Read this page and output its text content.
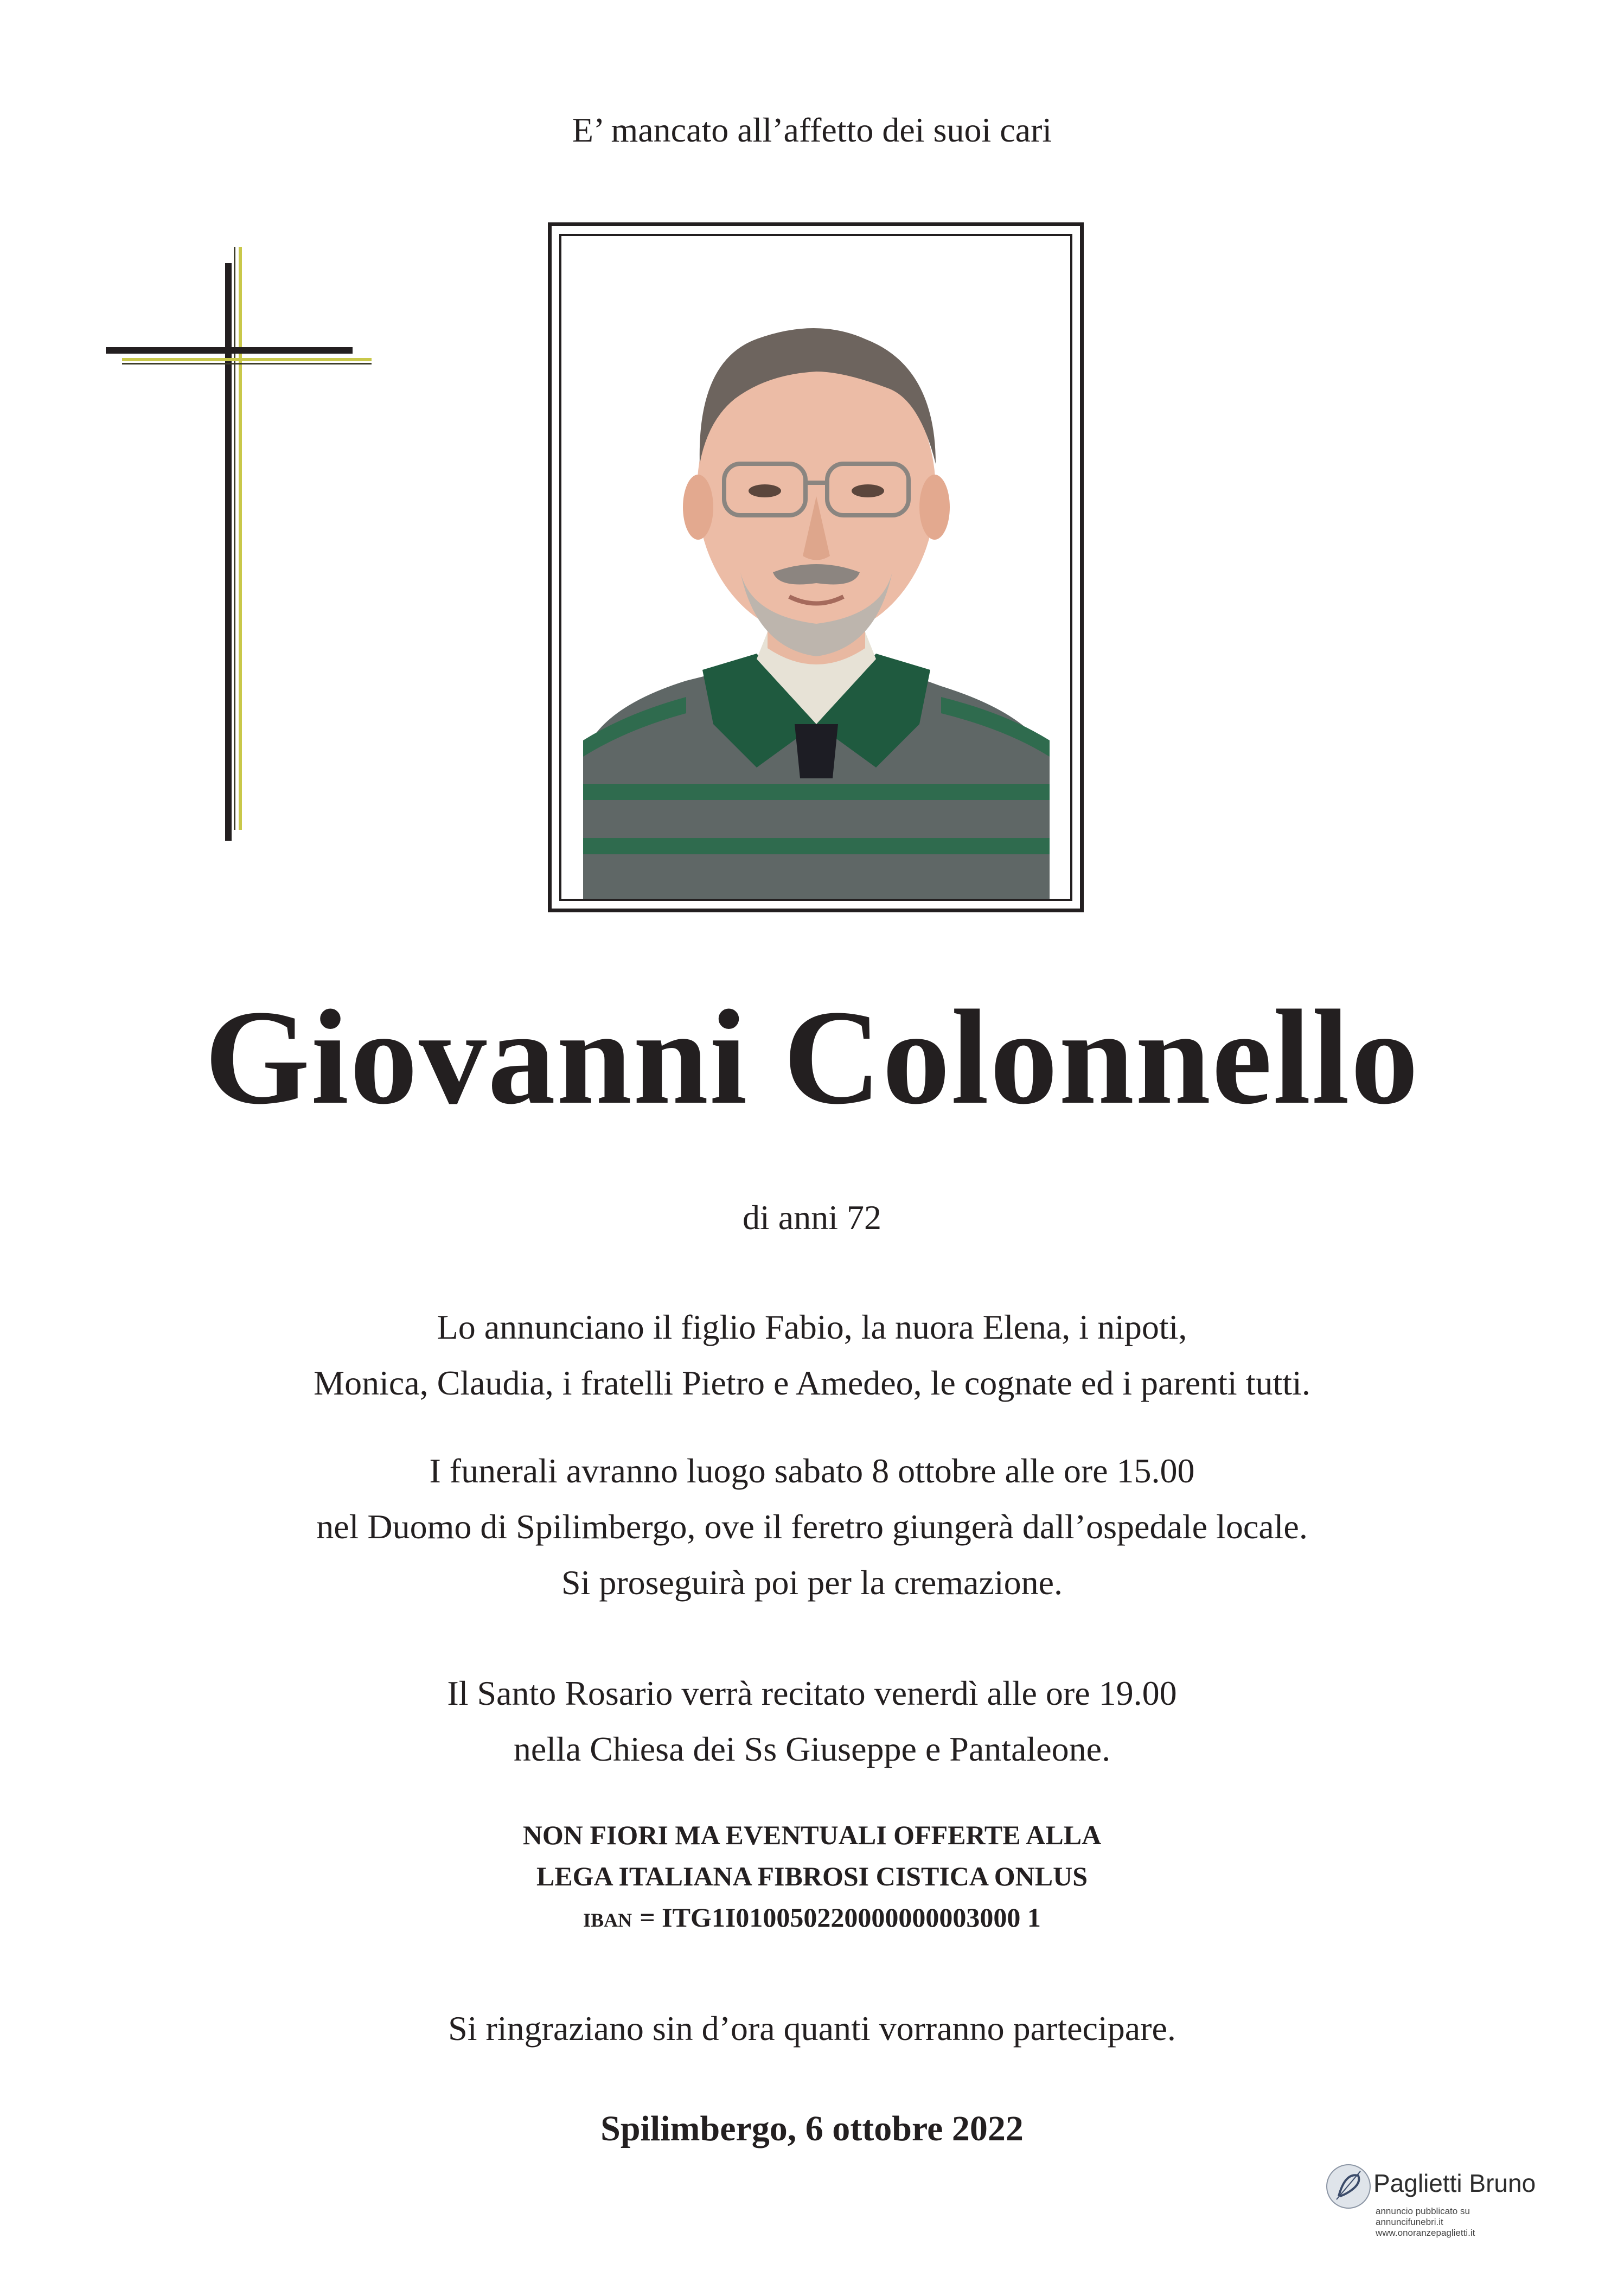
E’ mancato all’affetto dei suoi cari
Giovanni Colonnello
di anni 72
Lo annunciano il figlio Fabio, la nuora Elena, i nipoti,
Monica, Claudia, i fratelli Pietro e Amedeo, le cognate ed i parenti tutti.
I funerali avranno luogo sabato 8 ottobre alle ore 15.00
nel Duomo di Spilimbergo, ove il feretro giungerà dall’ospedale locale.
Si proseguirà poi per la cremazione.
Il Santo Rosario verrà recitato venerdì alle ore 19.00
nella Chiesa dei Ss Giuseppe e Pantaleone.
NON FIORI MA EVENTUALI OFFERTE ALLA
LEGA ITALIANA FIBROSI CISTICA ONLUS
IBAN = ITG1I010050220000000003000 1
Si ringraziano sin d’ora quanti vorranno partecipare.
Spilimbergo, 6 ottobre 2022
Paglietti Bruno
annuncio pubblicato su
annuncifunebri.it
www.onoranzepaglietti.it
